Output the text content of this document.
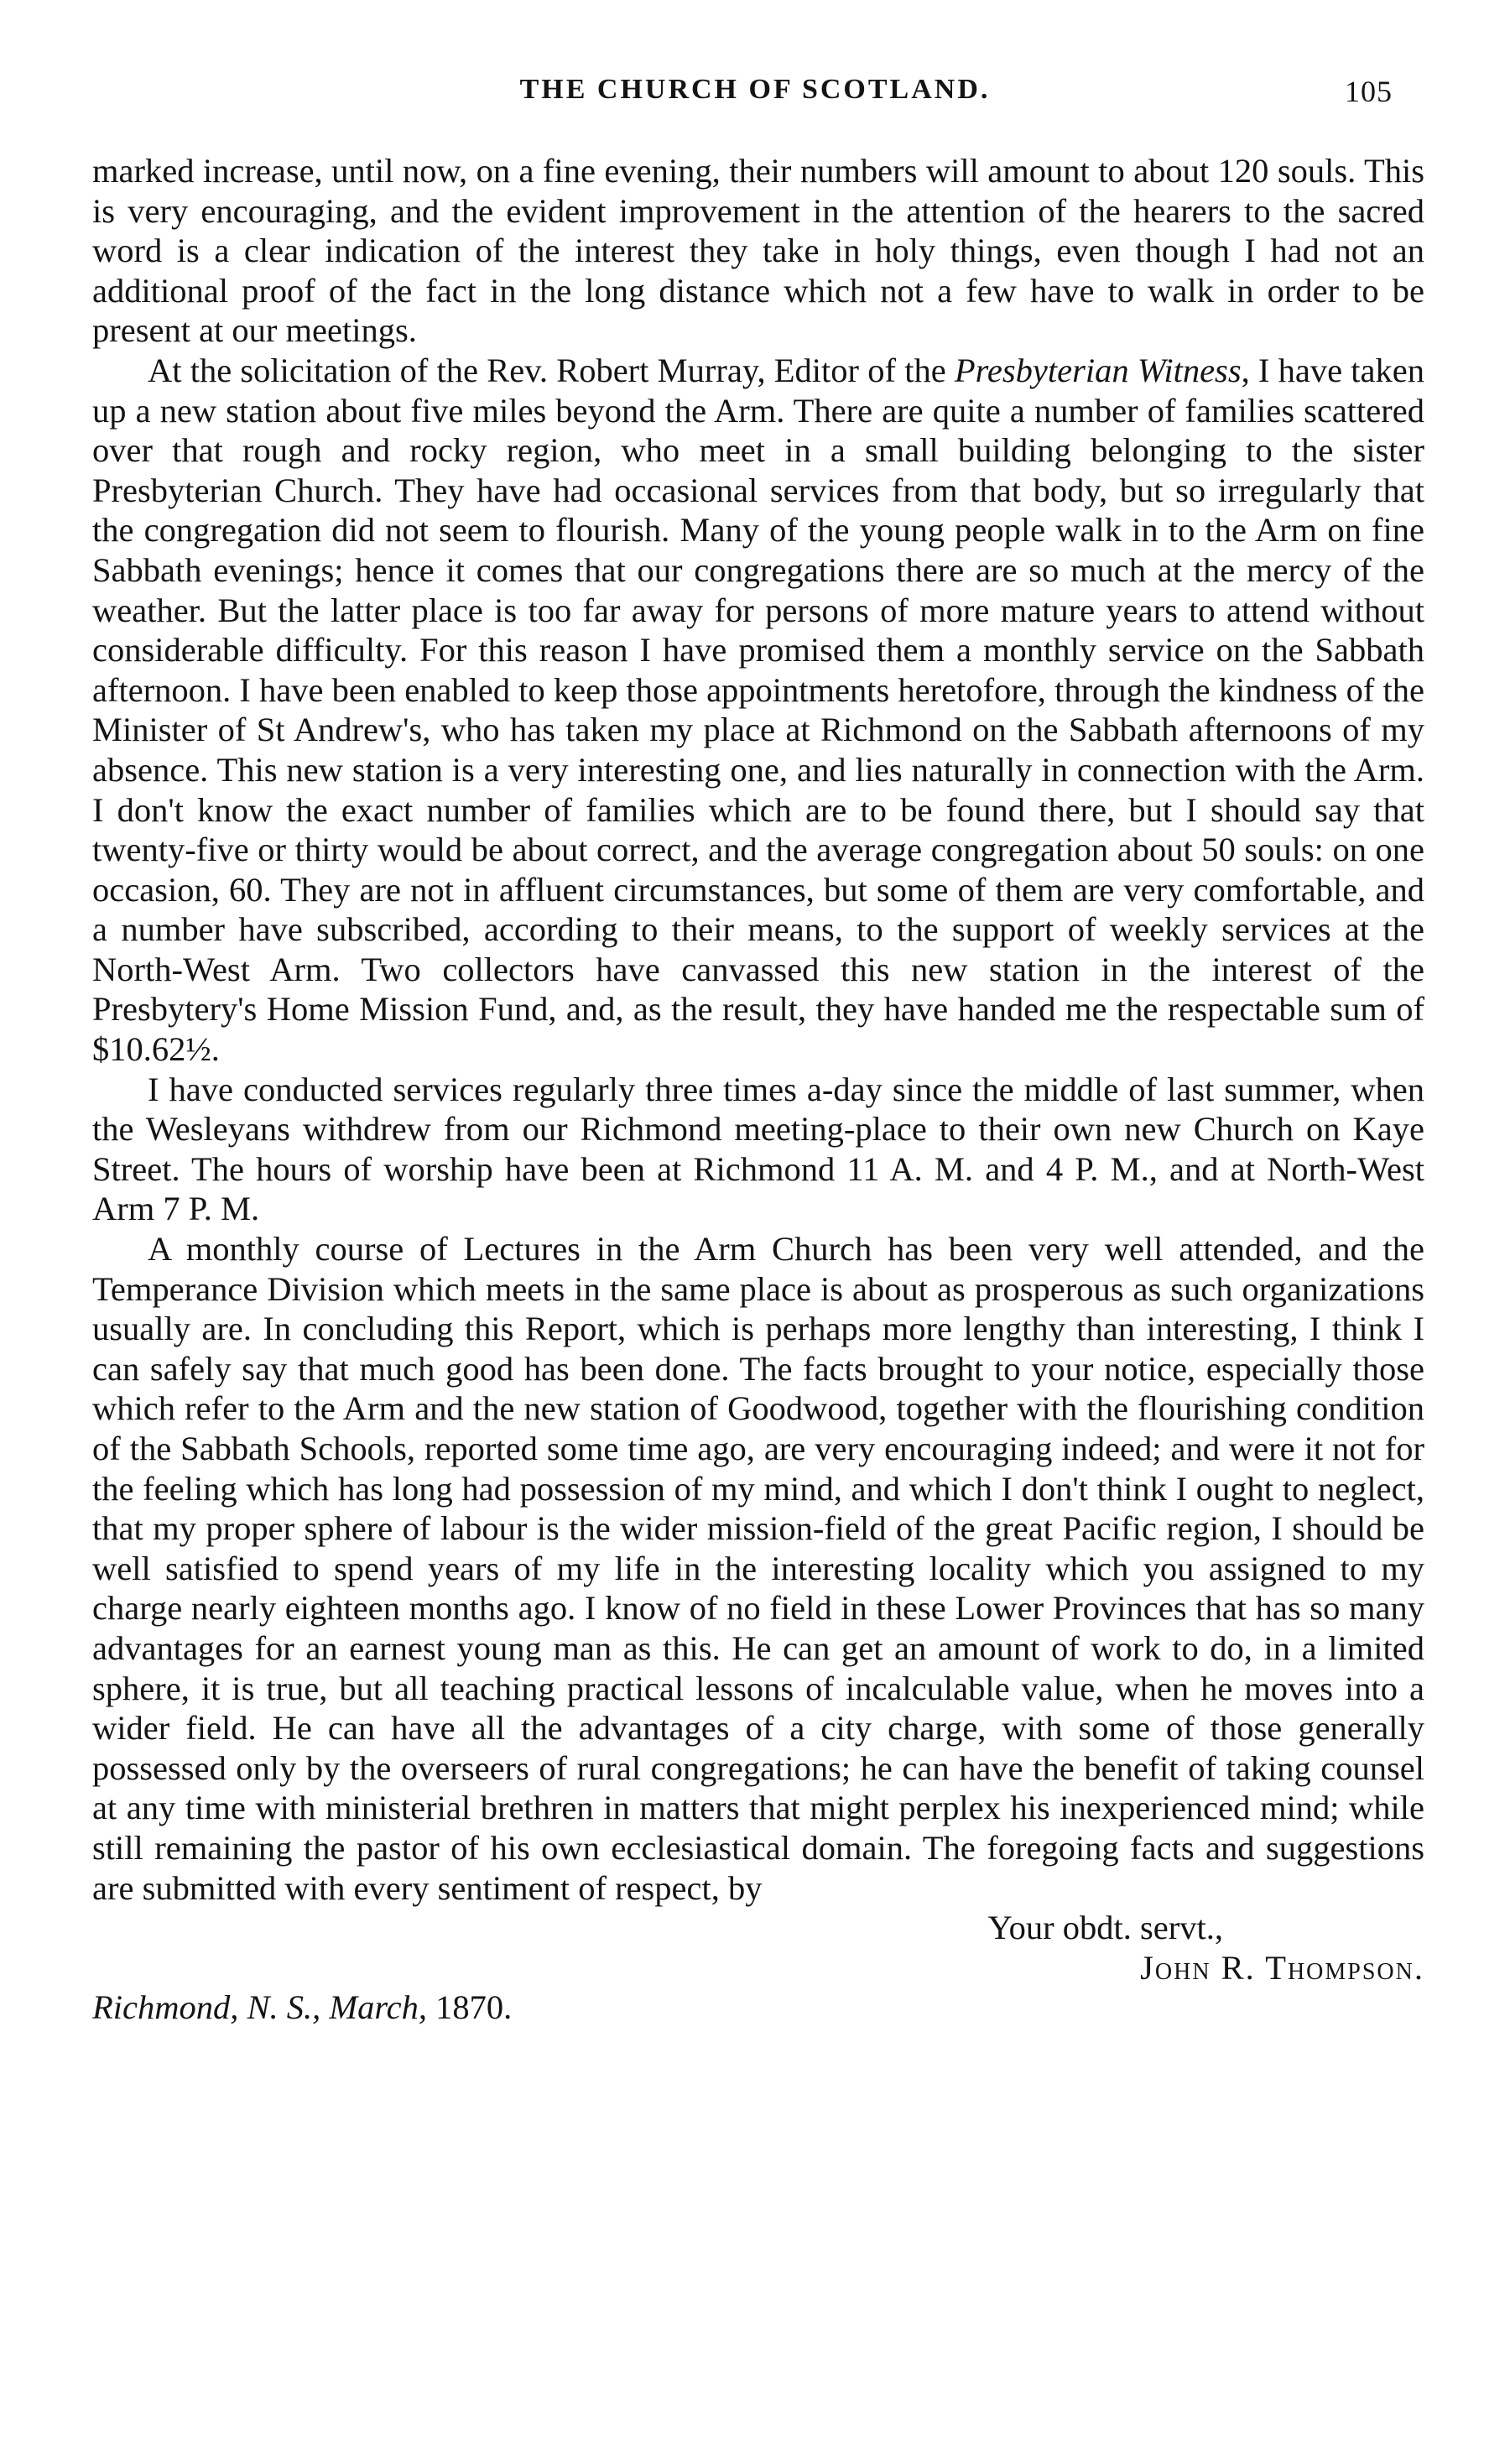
THE CHURCH OF SCOTLAND.	105

marked increase, until now, on a fine evening, their numbers will amount to about 120 souls. This is very encouraging, and the evident improvement in the attention of the hearers to the sacred word is a clear indication of the interest they take in holy things, even though I had not an additional proof of the fact in the long distance which not a few have to walk in order to be present at our meetings.

At the solicitation of the Rev. Robert Murray, Editor of the Presbyterian Witness, I have taken up a new station about five miles beyond the Arm. There are quite a number of families scattered over that rough and rocky region, who meet in a small building belonging to the sister Presbyterian Church. They have had occasional services from that body, but so irregularly that the congregation did not seem to flourish. Many of the young people walk in to the Arm on fine Sabbath evenings; hence it comes that our congregations there are so much at the mercy of the weather. But the latter place is too far away for persons of more mature years to attend without considerable difficulty. For this reason I have promised them a monthly service on the Sabbath afternoon. I have been enabled to keep those appointments heretofore, through the kindness of the Minister of St Andrew's, who has taken my place at Richmond on the Sabbath afternoons of my absence. This new station is a very interesting one, and lies naturally in connection with the Arm. I don't know the exact number of families which are to be found there, but I should say that twenty-five or thirty would be about correct, and the average congregation about 50 souls: on one occasion, 60. They are not in affluent circumstances, but some of them are very comfortable, and a number have subscribed, according to their means, to the support of weekly services at the North-West Arm. Two collectors have canvassed this new station in the interest of the Presbytery's Home Mission Fund, and, as the result, they have handed me the respectable sum of $10.62½.

I have conducted services regularly three times a-day since the middle of last summer, when the Wesleyans withdrew from our Richmond meeting-place to their own new Church on Kaye Street. The hours of worship have been at Richmond 11 A. M. and 4 P. M., and at North-West Arm 7 P. M.

A monthly course of Lectures in the Arm Church has been very well attended, and the Temperance Division which meets in the same place is about as prosperous as such organizations usually are. In concluding this Report, which is perhaps more lengthy than interesting, I think I can safely say that much good has been done. The facts brought to your notice, especially those which refer to the Arm and the new station of Goodwood, together with the flourishing condition of the Sabbath Schools, reported some time ago, are very encouraging indeed; and were it not for the feeling which has long had possession of my mind, and which I don't think I ought to neglect, that my proper sphere of labour is the wider mission-field of the great Pacific region, I should be well satisfied to spend years of my life in the interesting locality which you assigned to my charge nearly eighteen months ago. I know of no field in these Lower Provinces that has so many advantages for an earnest young man as this. He can get an amount of work to do, in a limited sphere, it is true, but all teaching practical lessons of incalculable value, when he moves into a wider field. He can have all the advantages of a city charge, with some of those generally possessed only by the overseers of rural congregations; he can have the benefit of taking counsel at any time with ministerial brethren in matters that might perplex his inexperienced mind; while still remaining the pastor of his own ecclesiastical domain. The foregoing facts and suggestions are submitted with every sentiment of respect, by

Your obdt. servt.,

John R. Thompson.

Richmond, N. S., March, 1870.
